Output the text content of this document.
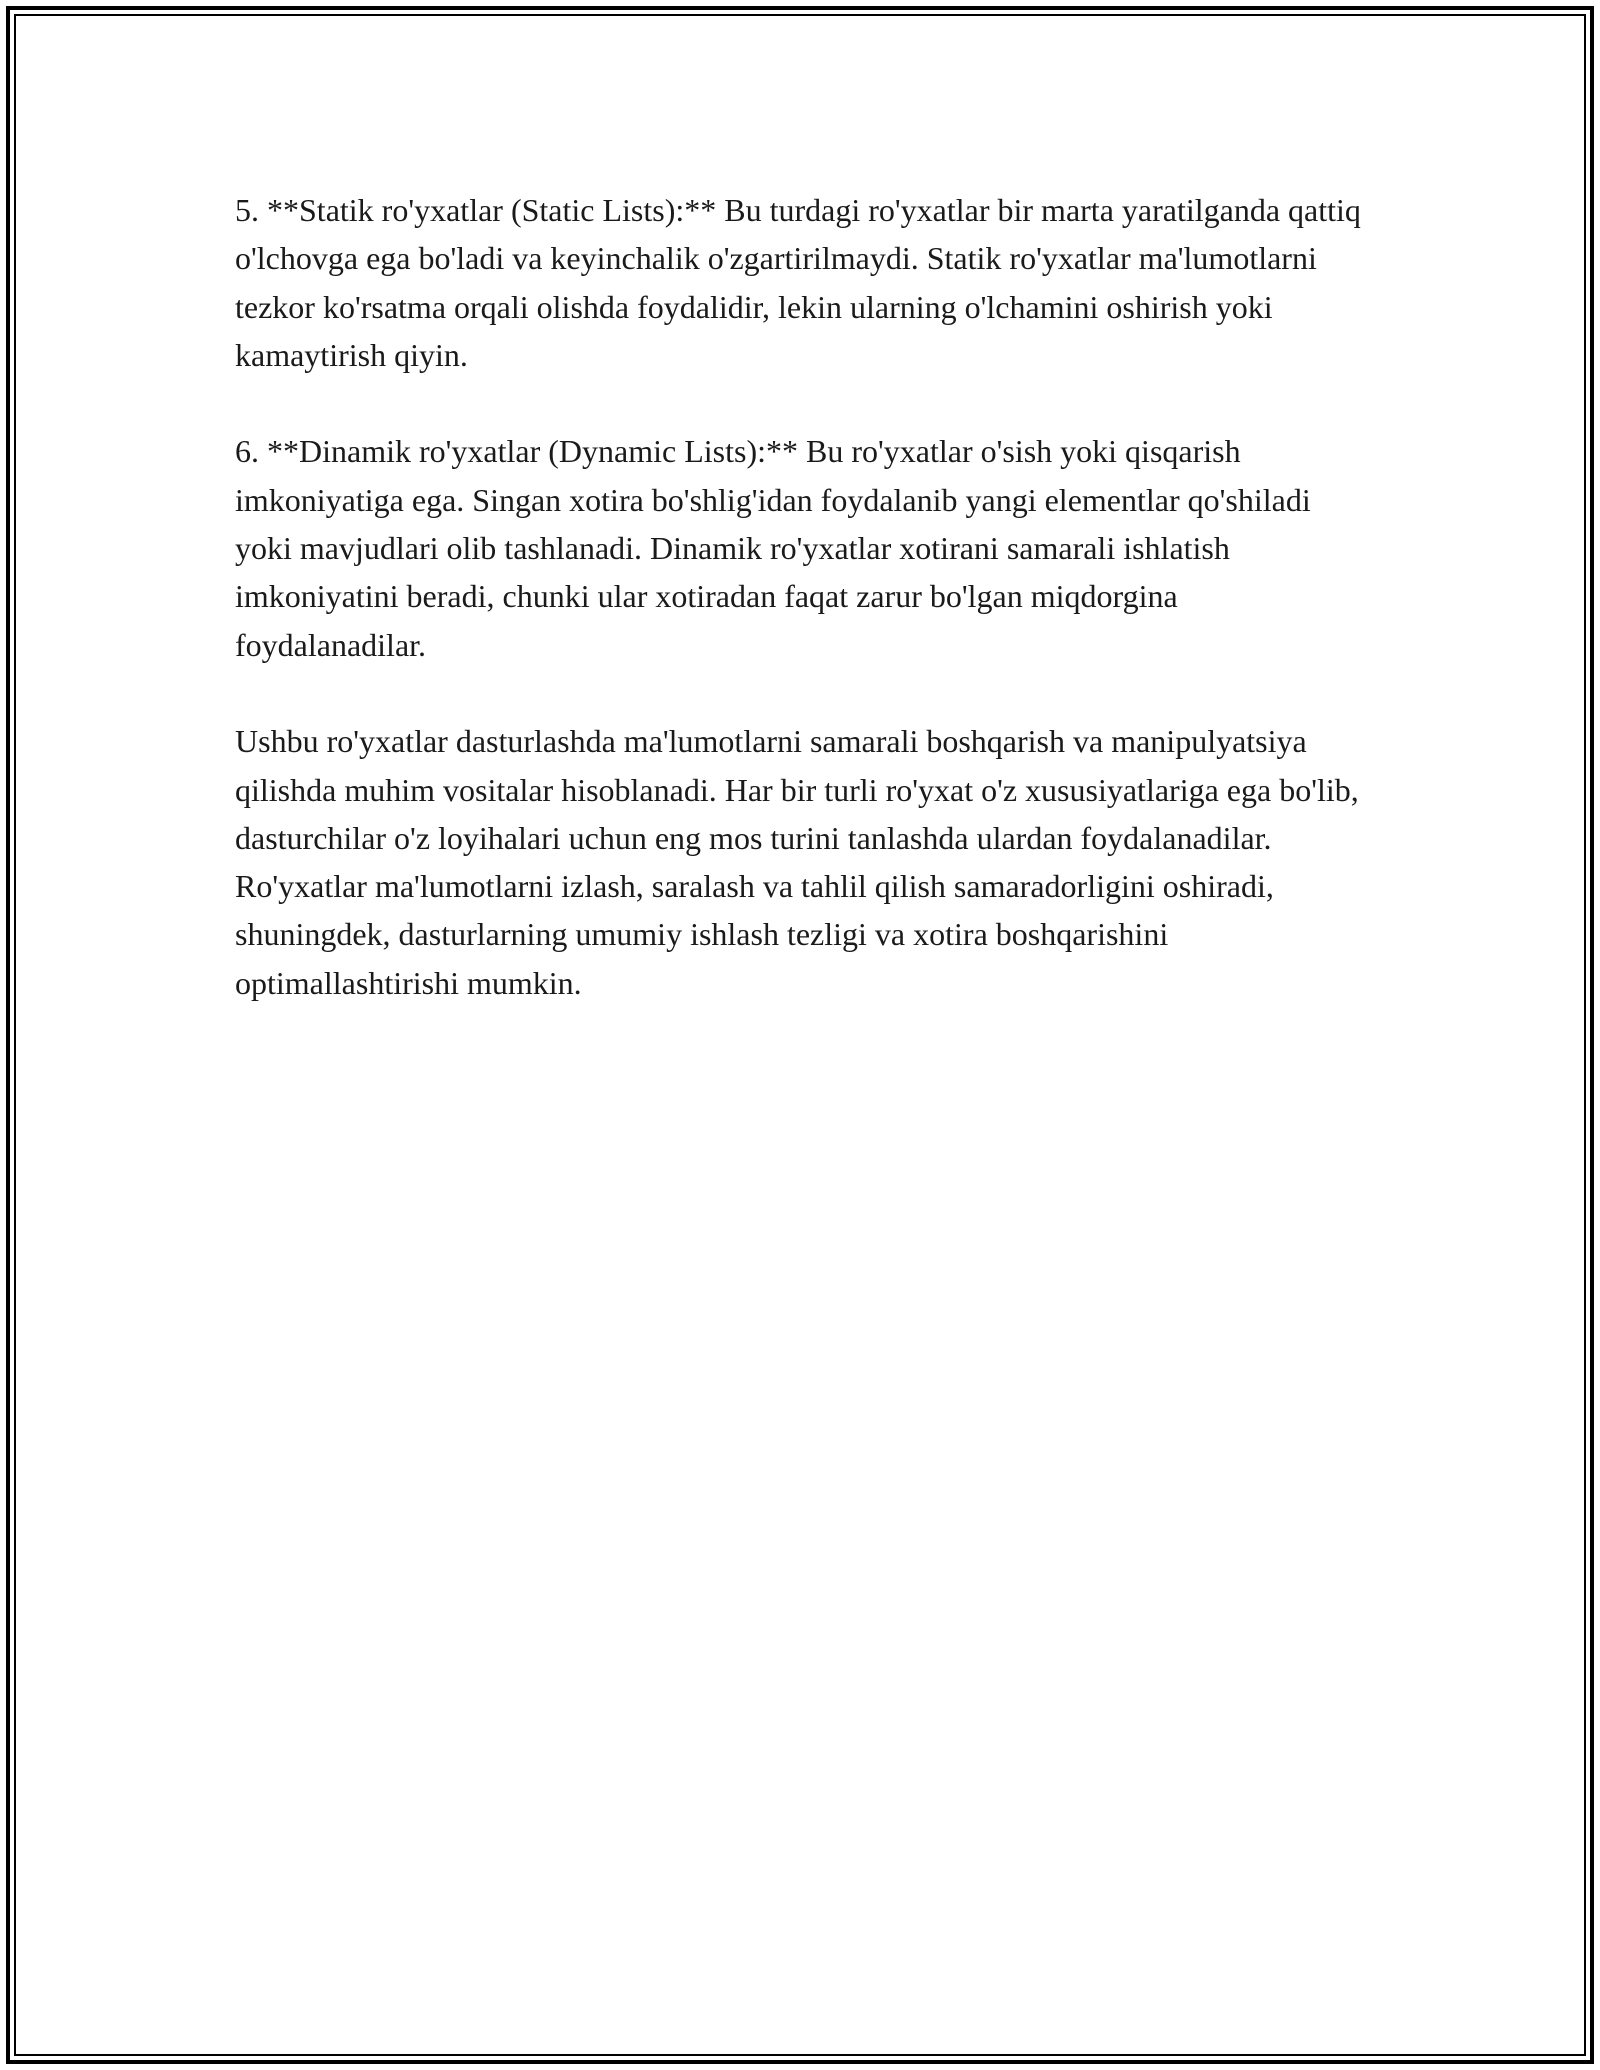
5. **Statik ro'yxatlar (Static Lists):** Bu turdagi ro'yxatlar bir marta yaratilganda qattiq o'lchovga ega bo'ladi va keyinchalik o'zgartirilmaydi. Statik ro'yxatlar ma'lumotlarni tezkor ko'rsatma orqali olishda foydalidir, lekin ularning o'lchamini oshirish yoki kamaytirish qiyin.

6. **Dinamik ro'yxatlar (Dynamic Lists):** Bu ro'yxatlar o'sish yoki qisqarish imkoniyatiga ega. Singan xotira bo'shlig'idan foydalanib yangi elementlar qo'shiladi yoki mavjudlari olib tashlanadi. Dinamik ro'yxatlar xotirani samarali ishlatish imkoniyatini beradi, chunki ular xotiradan faqat zarur bo'lgan miqdorgina foydalanadilar.

Ushbu ro'yxatlar dasturlashda ma'lumotlarni samarali boshqarish va manipulyatsiya qilishda muhim vositalar hisoblanadi. Har bir turli ro'yxat o'z xususiyatlariga ega bo'lib, dasturchilar o'z loyihalari uchun eng mos turini tanlashda ulardan foydalanadilar. Ro'yxatlar ma'lumotlarni izlash, saralash va tahlil qilish samaradorligini oshiradi, shuningdek, dasturlarning umumiy ishlash tezligi va xotira boshqarishini optimallashtirishi mumkin.
